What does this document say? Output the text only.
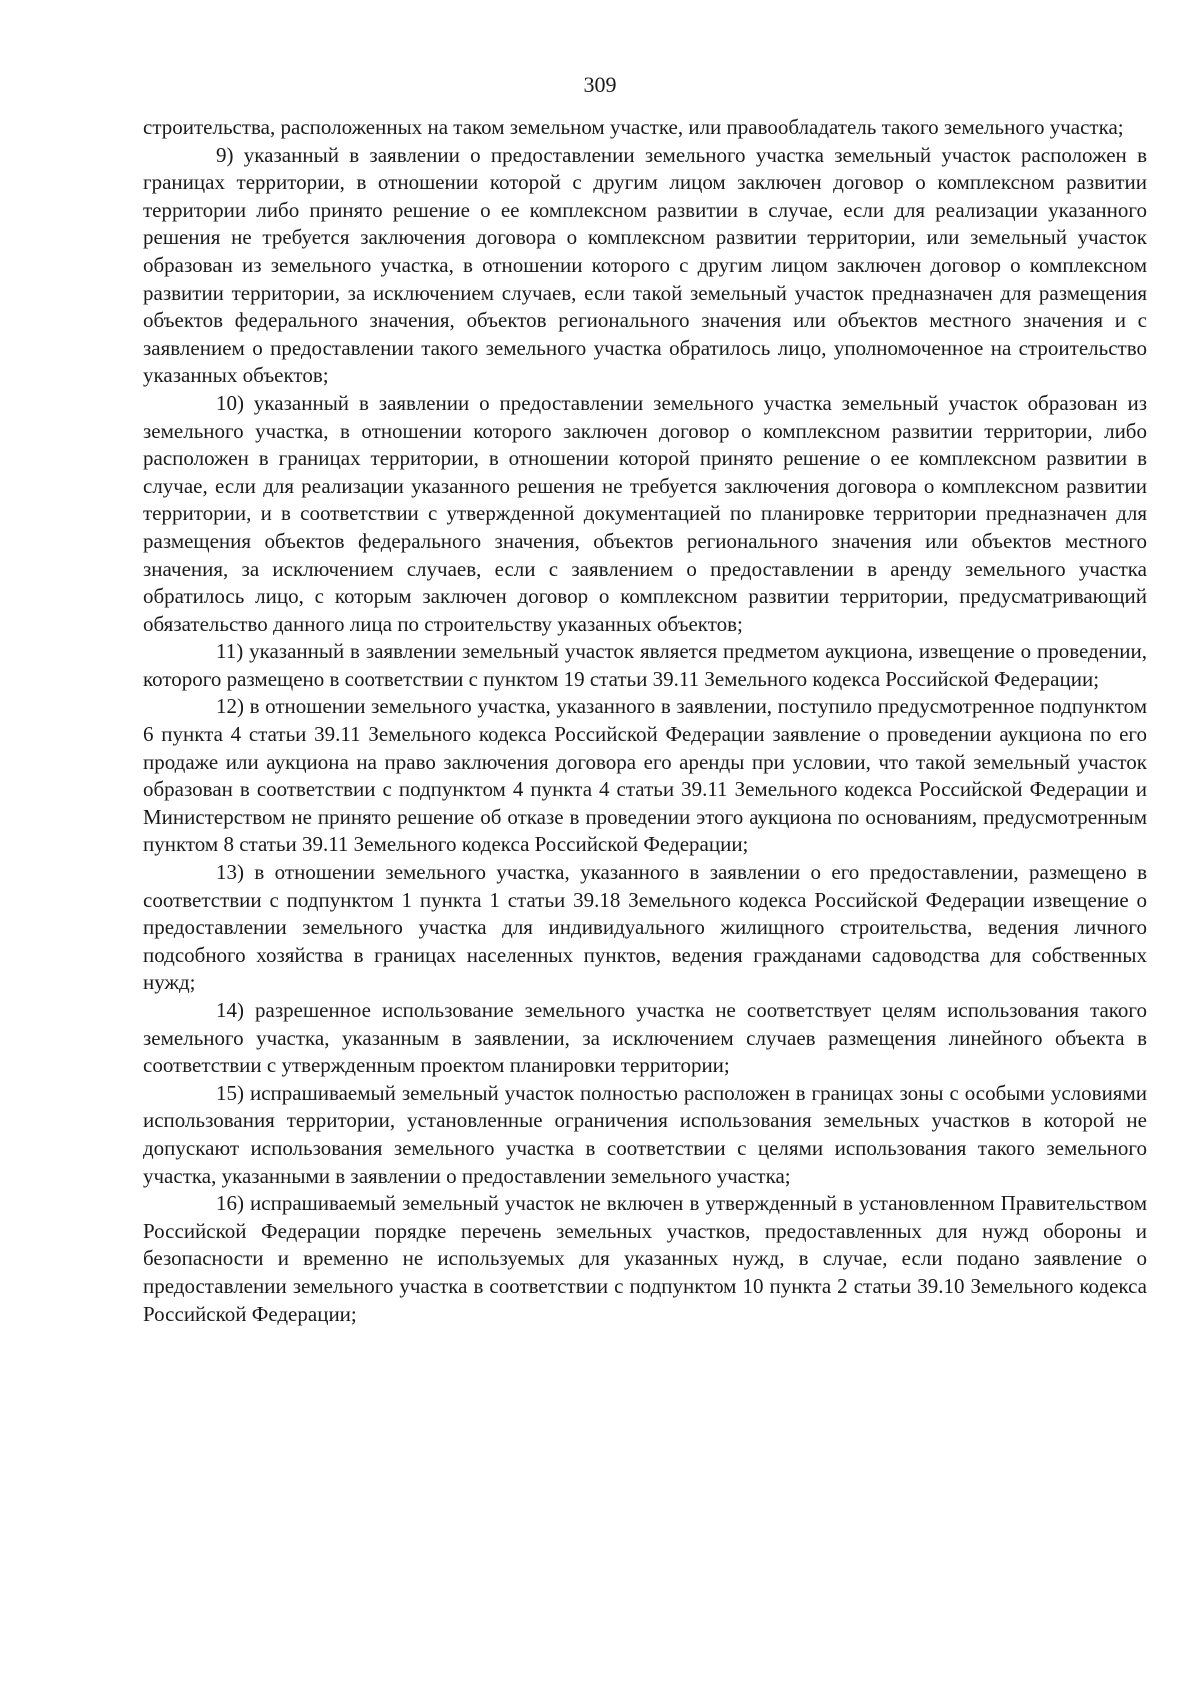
309

строительства, расположенных на таком земельном участке, или правообладатель такого земельного участка;

9) указанный в заявлении о предоставлении земельного участка земельный участок расположен в границах территории, в отношении которой с другим лицом заключен договор о комплексном развитии территории либо принято решение о ее комплексном развитии в случае, если для реализации указанного решения не требуется заключения договора о комплексном развитии территории, или земельный участок образован из земельного участка, в отношении которого с другим лицом заключен договор о комплексном развитии территории, за исключением случаев, если такой земельный участок предназначен для размещения объектов федерального значения, объектов регионального значения или объектов местного значения и с заявлением о предоставлении такого земельного участка обратилось лицо, уполномоченное на строительство указанных объектов;

10) указанный в заявлении о предоставлении земельного участка земельный участок образован из земельного участка, в отношении которого заключен договор о комплексном развитии территории, либо расположен в границах территории, в отношении которой принято решение о ее комплексном развитии в случае, если для реализации указанного решения не требуется заключения договора о комплексном развитии территории, и в соответствии с утвержденной документацией по планировке территории предназначен для размещения объектов федерального значения, объектов регионального значения или объектов местного значения, за исключением случаев, если с заявлением о предоставлении в аренду земельного участка обратилось лицо, с которым заключен договор о комплексном развитии территории, предусматривающий обязательство данного лица по строительству указанных объектов;

11) указанный в заявлении земельный участок является предметом аукциона, извещение о проведении, которого размещено в соответствии с пунктом 19 статьи 39.11 Земельного кодекса Российской Федерации;

12) в отношении земельного участка, указанного в заявлении, поступило предусмотренное подпунктом 6 пункта 4 статьи 39.11 Земельного кодекса Российской Федерации заявление о проведении аукциона по его продаже или аукциона на право заключения договора его аренды при условии, что такой земельный участок образован в соответствии с подпунктом 4 пункта 4 статьи 39.11 Земельного кодекса Российской Федерации и Министерством не принято решение об отказе в проведении этого аукциона по основаниям, предусмотренным пунктом 8 статьи 39.11 Земельного кодекса Российской Федерации;

13) в отношении земельного участка, указанного в заявлении о его предоставлении, размещено в соответствии с подпунктом 1 пункта 1 статьи 39.18 Земельного кодекса Российской Федерации извещение о предоставлении земельного участка для индивидуального жилищного строительства, ведения личного подсобного хозяйства в границах населенных пунктов, ведения гражданами садоводства для собственных нужд;

14) разрешенное использование земельного участка не соответствует целям использования такого земельного участка, указанным в заявлении, за исключением случаев размещения линейного объекта в соответствии с утвержденным проектом планировки территории;

15) испрашиваемый земельный участок полностью расположен в границах зоны с особыми условиями использования территории, установленные ограничения использования земельных участков в которой не допускают использования земельного участка в соответствии с целями использования такого земельного участка, указанными в заявлении о предоставлении земельного участка;

16) испрашиваемый земельный участок не включен в утвержденный в установленном Правительством Российской Федерации порядке перечень земельных участков, предоставленных для нужд обороны и безопасности и временно не используемых для указанных нужд, в случае, если подано заявление о предоставлении земельного участка в соответствии с подпунктом 10 пункта 2 статьи 39.10 Земельного кодекса Российской Федерации;
